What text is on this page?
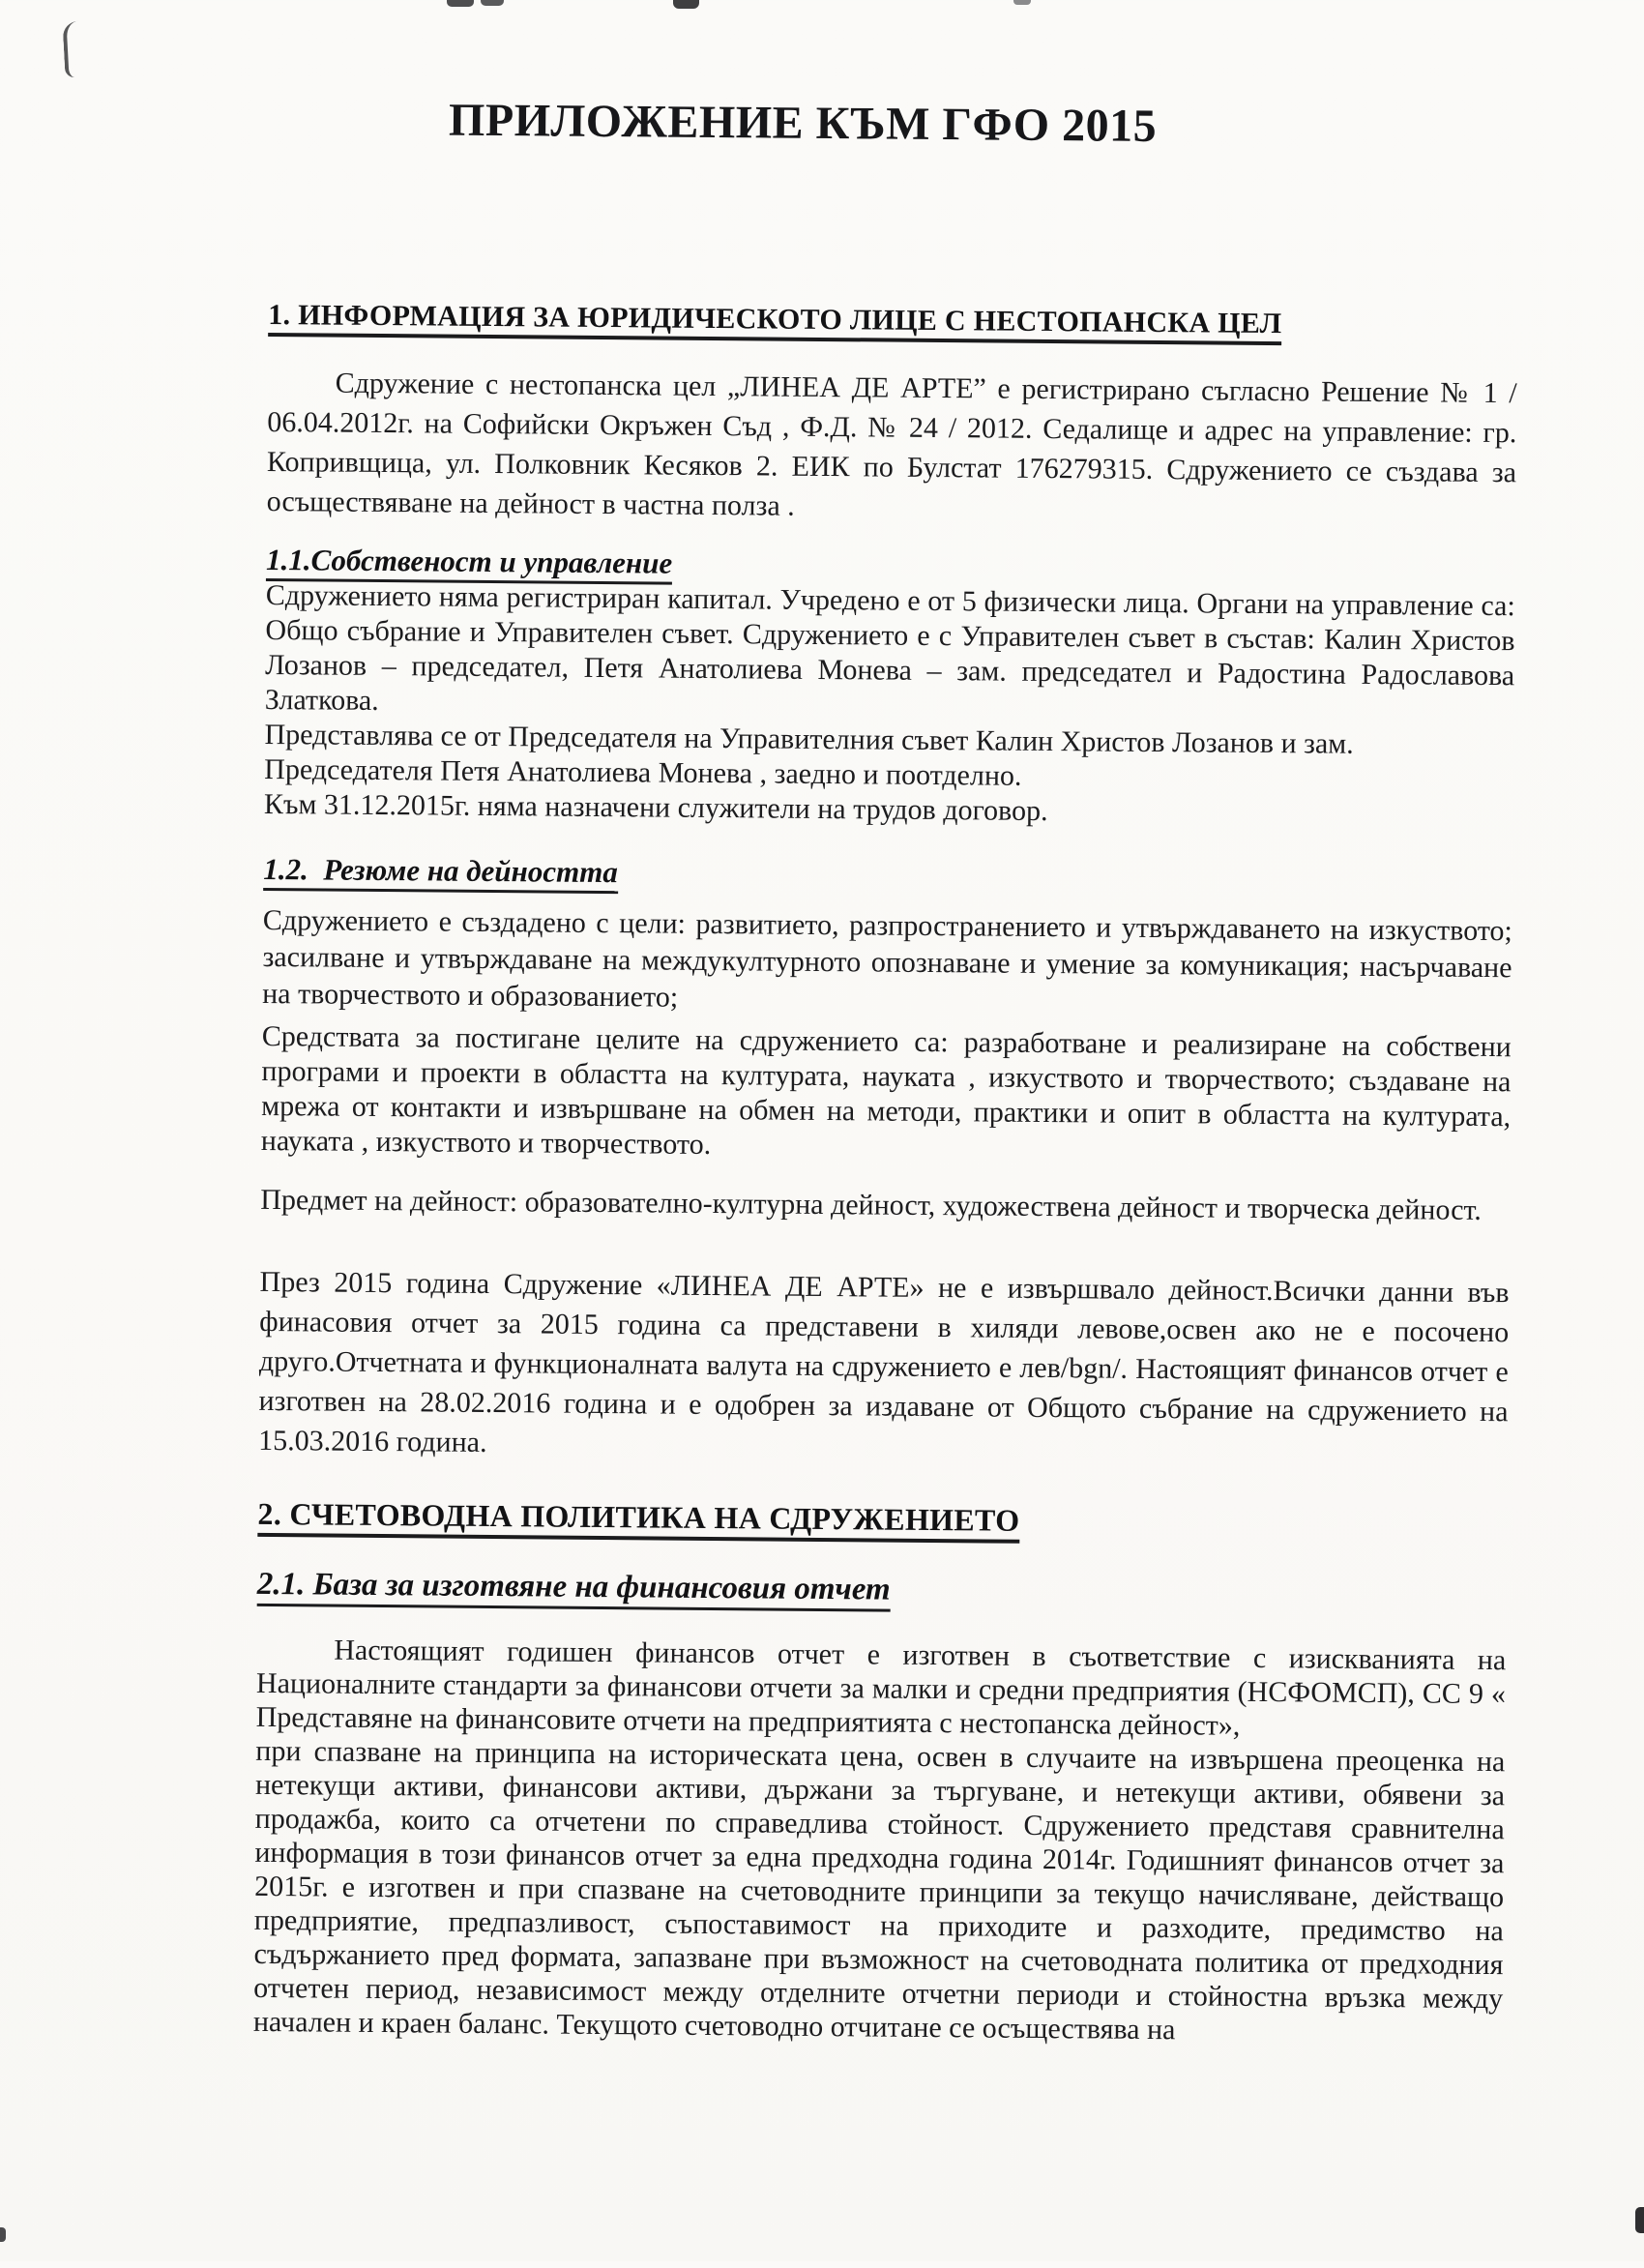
ПРИЛОЖЕНИЕ КЪМ ГФО 2015
1. ИНФОРМАЦИЯ ЗА ЮРИДИЧЕСКОТО ЛИЦЕ С НЕСТОПАНСКА ЦЕЛ

Сдружение с нестопанска цел „ЛИНЕА ДЕ АРТЕ” е регистрирано съгласно Решение № 1 / 06.04.2012г. на Софийски Окръжен Съд , Ф.Д. № 24 / 2012. Седалище и адрес на управление: гр. Копривщица, ул. Полковник Кесяков 2. ЕИК по Булстат 176279315. Сдружението се създава за осъществяване на дейност в частна полза .

1.1.Собственост и управление

Сдружението няма регистриран капитал. Учредено е от 5 физически лица. Органи на управление са: Общо събрание и Управителен съвет. Сдружението е с Управителен съвет в състав: Калин Христов Лозанов – председател, Петя Анатолиева Монева – зам. председател и Радостина Радославова Златкова.

Представлява се от Председателя на Управителния съвет Калин Христов Лозанов и зам.
Председателя Петя Анатолиева Монева , заедно и поотделно.
Към 31.12.2015г. няма назначени служители на трудов договор.
1.2.  Резюме на дейността

Сдружението е създадено с цели: развитието, разпространението и утвърждаването на изкуството; засилване и утвърждаване на междукултурното опознаване и умение за комуникация; насърчаване на творчеството и образованието;

Средствата за постигане целите на сдружението са: разработване и реализиране на собствени програми и проекти в областта на културата, науката , изкуството и творчеството; създаване на мрежа от контакти и извършване на обмен на методи, практики и опит в областта на културата, науката , изкуството и творчеството.

Предмет на дейност: образователно-културна дейност, художествена дейност и творческа дейност.

През 2015 година Сдружение «ЛИНЕА ДЕ АРТЕ» не е извършвало дейност.Всички данни във финасовия отчет за 2015 година са представени в хиляди левове,освен ако не е посочено друго.Отчетната и функционалната валута на сдружението е лев/bgn/. Настоящият финансов отчет е изготвен на 28.02.2016 година и е одобрен за издаване от Общото събрание на сдружението на 15.03.2016 година.

2. СЧЕТОВОДНА ПОЛИТИКА НА СДРУЖЕНИЕТО
2.1. База за изготвяне на финансовия отчет

Настоящият годишен финансов отчет е изготвен в съответствие с изискванията на Националните стандарти за финансови отчети за малки и средни предприятия (НСФОМСП), СС 9 « Представяне на финансовите отчети на предприятията с нестопанска дейност»,

при спазване на принципа на историческата цена, освен в случаите на извършена преоценка на нетекущи активи, финансови активи, държани за търгуване, и нетекущи активи, обявени за продажба, които са отчетени по справедлива стойност. Сдружението представя сравнителна информация в този финансов отчет за една предходна година 2014г. Годишният финансов отчет за 2015г. е изготвен и при спазване на счетоводните принципи за текущо начисляване, действащо предприятие, предпазливост, съпоставимост на приходите и разходите, предимство на съдържанието пред формата, запазване при възможност на счетоводната политика от предходния отчетен период, независимост между отделните отчетни периоди и стойностна връзка между начален и краен баланс. Текущото счетоводно отчитане се осъществява на
